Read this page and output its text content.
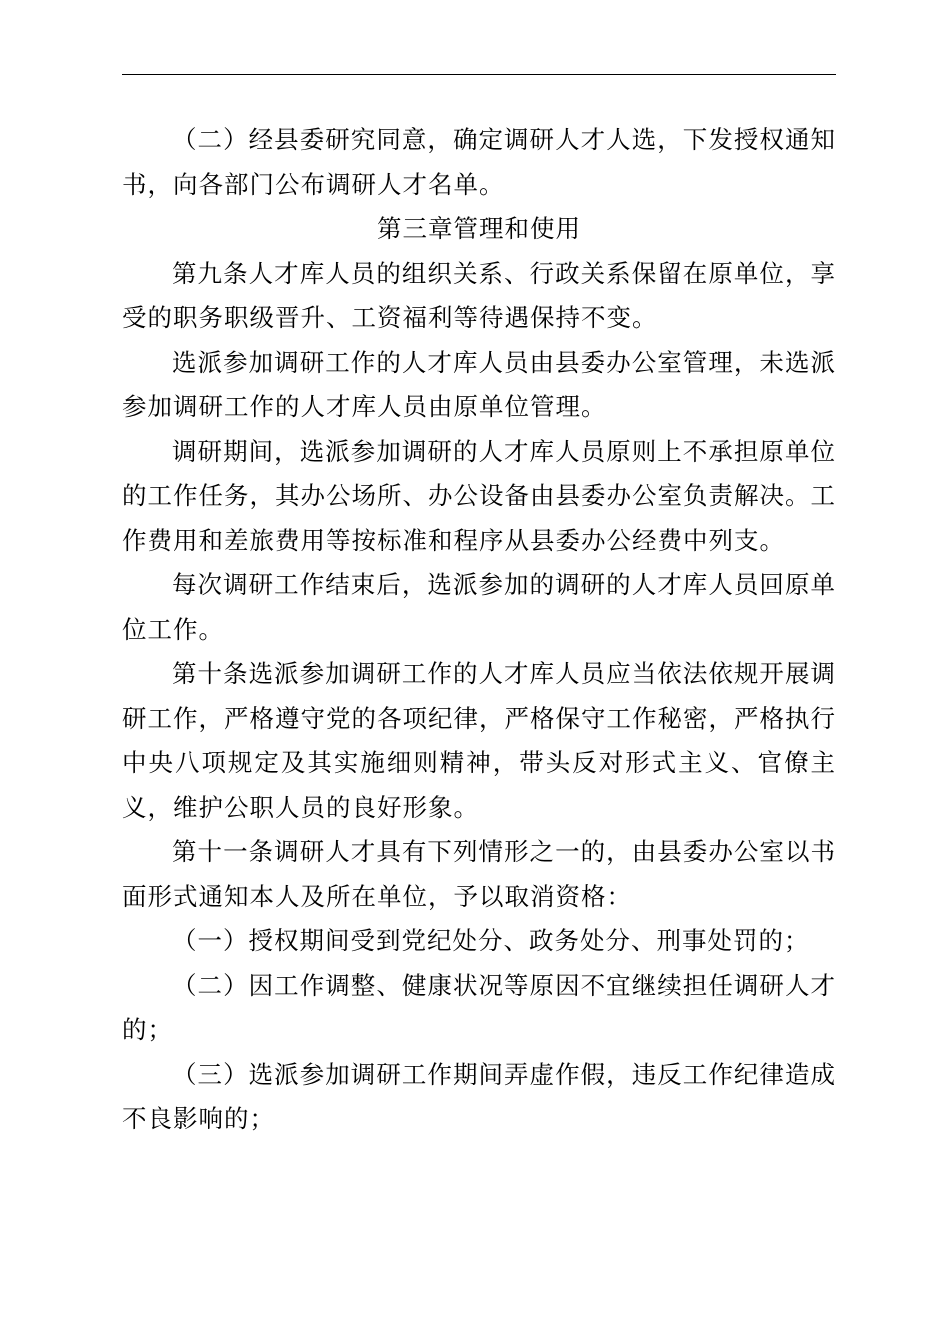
（二）经县委研究同意，确定调研人才人选，下发授权通知书，向各部门公布调研人才名单。

第三章管理和使用

第九条人才库人员的组织关系、行政关系保留在原单位，享受的职务职级晋升、工资福利等待遇保持不变。

选派参加调研工作的人才库人员由县委办公室管理，未选派参加调研工作的人才库人员由原单位管理。

调研期间，选派参加调研的人才库人员原则上不承担原单位的工作任务，其办公场所、办公设备由县委办公室负责解决。工作费用和差旅费用等按标准和程序从县委办公经费中列支。

每次调研工作结束后，选派参加的调研的人才库人员回原单位工作。

第十条选派参加调研工作的人才库人员应当依法依规开展调研工作，严格遵守党的各项纪律，严格保守工作秘密，严格执行中央八项规定及其实施细则精神，带头反对形式主义、官僚主义，维护公职人员的良好形象。

第十一条调研人才具有下列情形之一的，由县委办公室以书面形式通知本人及所在单位，予以取消资格：

（一）授权期间受到党纪处分、政务处分、刑事处罚的；

（二）因工作调整、健康状况等原因不宜继续担任调研人才的；

（三）选派参加调研工作期间弄虚作假，违反工作纪律造成不良影响的；
